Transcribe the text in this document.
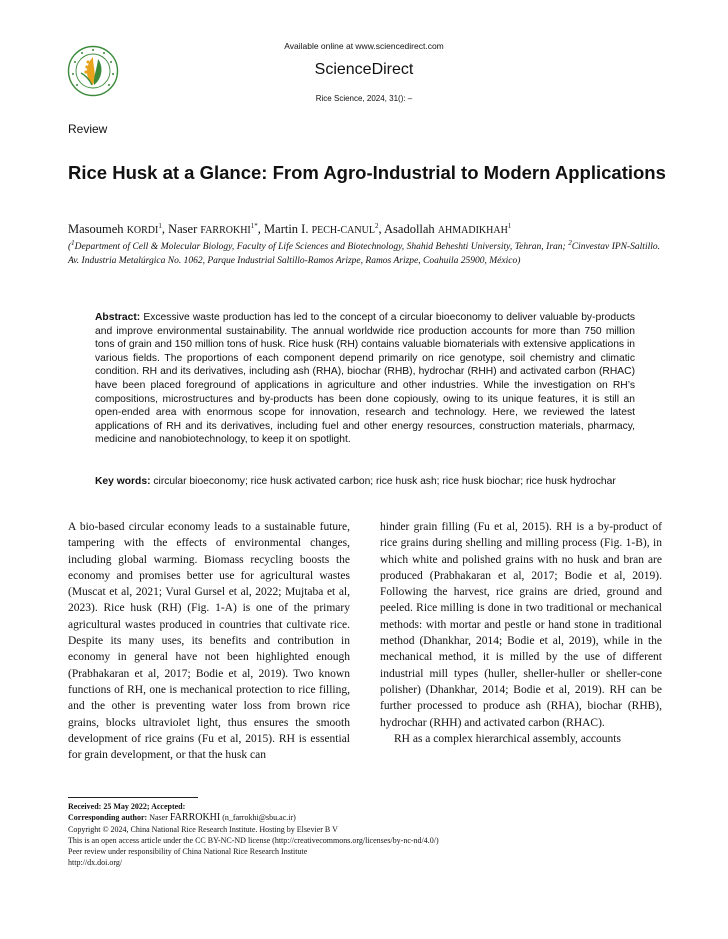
Available online at www.sciencedirect.com
ScienceDirect
Rice Science, 2024, 31(): –
Review
Rice Husk at a Glance: From Agro-Industrial to Modern Applications
Masoumeh KORDI$^1$, Naser $FARROKHI^{1*}$, Martin I. PECH-CANUL$^2$, Asadollah AHMADIKHAH$^1$
($^1$Department of Cell & Molecular Biology, Faculty of Life Sciences and Biotechnology, Shahid Beheshti University, Tehran, Iran; $^2$Cinvestav IPN-Saltillo. Av. Industria Metalúrgica No. 1062, Parque Industrial Saltillo-Ramos Arizpe, Ramos Arizpe, Coahuila 25900, México)
Abstract: Excessive waste production has led to the concept of a circular bioeconomy to deliver valuable by-products and improve environmental sustainability. The annual worldwide rice production accounts for more than 750 million tons of grain and 150 million tons of husk. Rice husk (RH) contains valuable biomaterials with extensive applications in various fields. The proportions of each component depend primarily on rice genotype, soil chemistry and climatic condition. RH and its derivatives, including ash (RHA), biochar (RHB), hydrochar (RHH) and activated carbon (RHAC) have been placed foreground of applications in agriculture and other industries. While the investigation on RH’s compositions, microstructures and by-products has been done copiously, owing to its unique features, it is still an open-ended area with enormous scope for innovation, research and technology. Here, we reviewed the latest applications of RH and its derivatives, including fuel and other energy resources, construction materials, pharmacy, medicine and nanobiotechnology, to keep it on spotlight.
Key words: circular bioeconomy; rice husk activated carbon; rice husk ash; rice husk biochar; rice husk hydrochar

A bio-based circular economy leads to a sustainable future, tampering with the effects of environmental changes, including global warming. Biomass recycling boosts the economy and promises better use for agricultural wastes (Muscat et al, 2021; Vural Gursel et al, 2022; Mujtaba et al, 2023). Rice husk (RH) (Fig. 1-A) is one of the primary agricultural wastes produced in countries that cultivate rice. Despite its many uses, its benefits and contribution in economy in general have not been highlighted enough (Prabhakaran et al, 2017; Bodie et al, 2019). Two known functions of RH, one is mechanical protection to rice filling, and the other is preventing water loss from brown rice grains, blocks ultraviolet light, thus ensures the smooth development of rice grains (Fu et al, 2015). RH is essential for grain development, or that the husk can

hinder grain filling (Fu et al, 2015). RH is a by-product of rice grains during shelling and milling process (Fig. 1-B), in which white and polished grains with no husk and bran are produced (Prabhakaran et al, 2017; Bodie et al, 2019). Following the harvest, rice grains are dried, ground and peeled. Rice milling is done in two traditional or mechanical methods: with mortar and pestle or hand stone in traditional method (Dhankhar, 2014; Bodie et al, 2019), while in the mechanical method, it is milled by the use of different industrial mill types (huller, sheller-huller or sheller-cone polisher) (Dhankhar, 2014; Bodie et al, 2019). RH can be further processed to produce ash (RHA), biochar (RHB), hydrochar (RHH) and activated carbon (RHAC).

RH as a complex hierarchical assembly, accounts

Received: 25 May 2022; Accepted:
Corresponding author: Naser FARROKHI (n_farrokhi@sbu.ac.ir)
Copyright © 2024, China National Rice Research Institute. Hosting by Elsevier B V
This is an open access article under the CC BY-NC-ND license (http://creativecommons.org/licenses/by-nc-nd/4.0/)
Peer review under responsibility of China National Rice Research Institute
http://dx.doi.org/
